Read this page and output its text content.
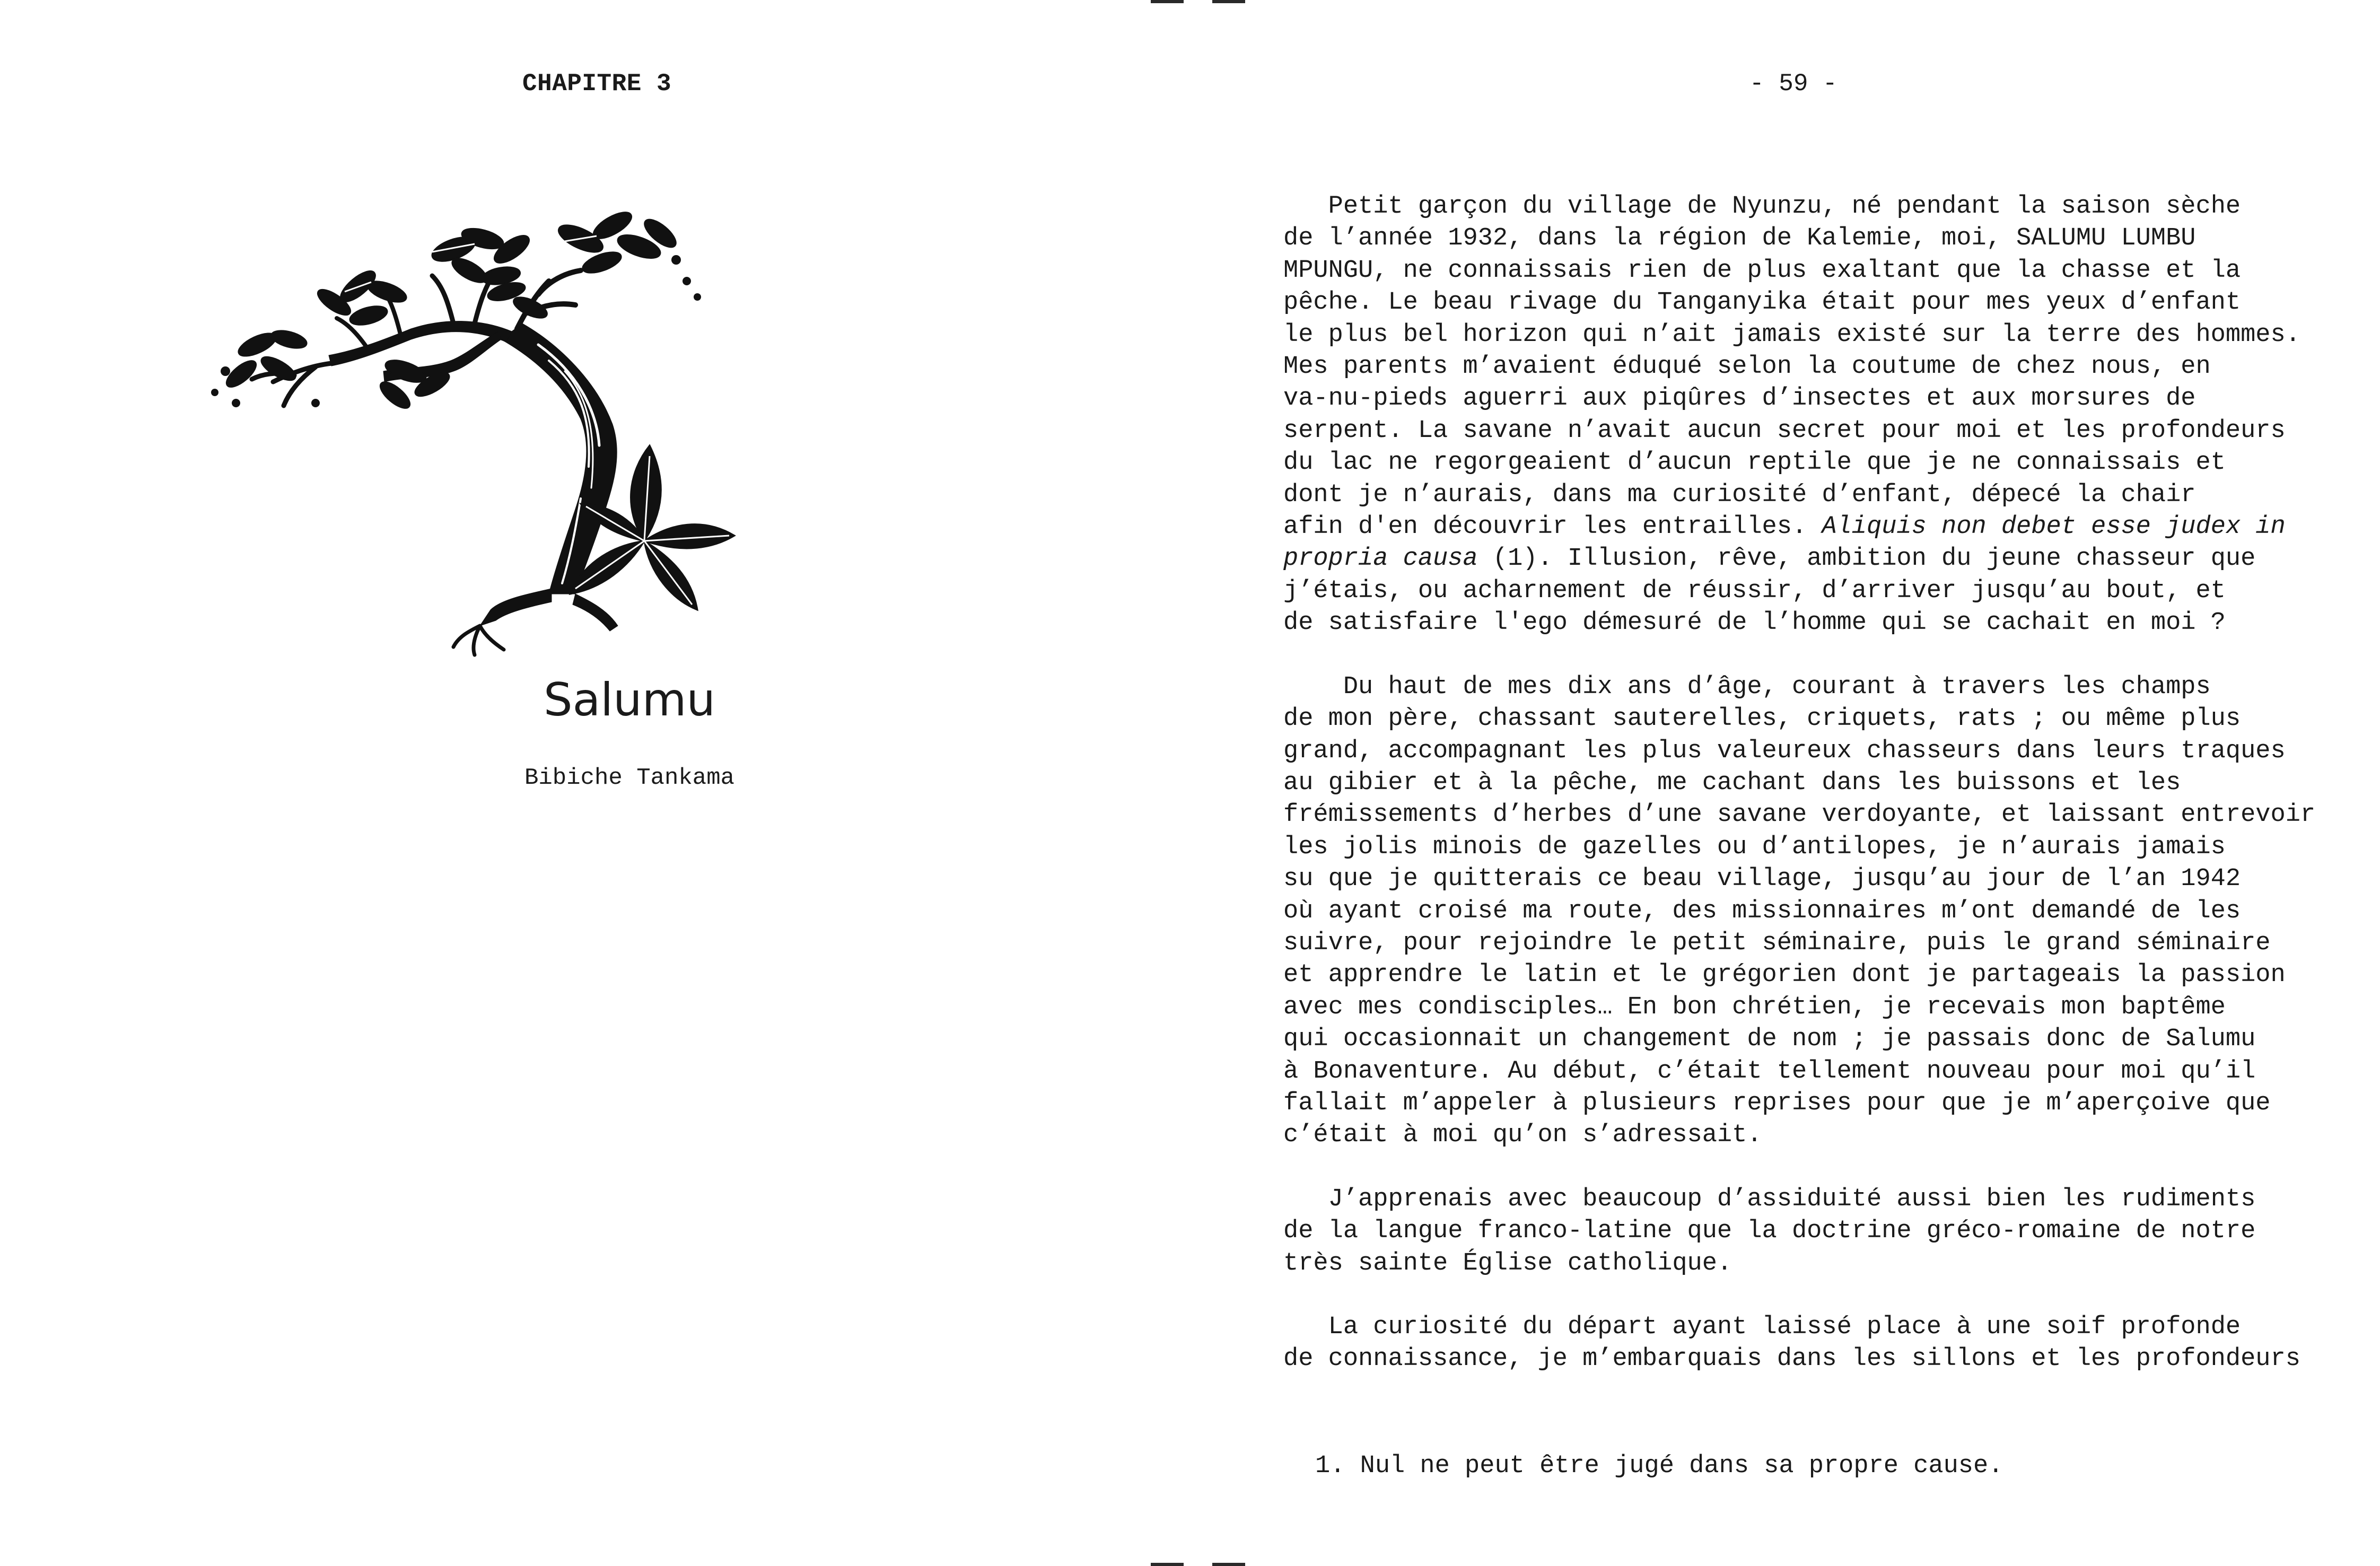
CHAPITRE 3
Salumu
Bibiche Tankama
- 59 -

Petit garçon du village de Nyunzu, né pendant la saison sèche
de l’année 1932, dans la région de Kalemie, moi, SALUMU LUMBU
MPUNGU, ne connaissais rien de plus exaltant que la chasse et la
pêche. Le beau rivage du Tanganyika était pour mes yeux d’enfant
le plus bel horizon qui n’ait jamais existé sur la terre des hommes.
Mes parents m’avaient éduqué selon la coutume de chez nous, en
va-nu-pieds aguerri aux piqûres d’insectes et aux morsures de
serpent. La savane n’avait aucun secret pour moi et les profondeurs
du lac ne regorgeaient d’aucun reptile que je ne connaissais et
dont je n’aurais, dans ma curiosité d’enfant, dépecé la chair
afin d'en découvrir les entrailles. Aliquis non debet esse judex in
propria causa (1). Illusion, rêve, ambition du jeune chasseur que
j’étais, ou acharnement de réussir, d’arriver jusqu’au bout, et
de satisfaire l'ego démesuré de l’homme qui se cachait en moi ?

Du haut de mes dix ans d’âge, courant à travers les champs
de mon père, chassant sauterelles, criquets, rats ; ou même plus
grand, accompagnant les plus valeureux chasseurs dans leurs traques
au gibier et à la pêche, me cachant dans les buissons et les
frémissements d’herbes d’une savane verdoyante, et laissant entrevoir
les jolis minois de gazelles ou d’antilopes, je n’aurais jamais
su que je quitterais ce beau village, jusqu’au jour de l’an 1942
où ayant croisé ma route, des missionnaires m’ont demandé de les
suivre, pour rejoindre le petit séminaire, puis le grand séminaire
et apprendre le latin et le grégorien dont je partageais la passion
avec mes condisciples… En bon chrétien, je recevais mon baptême
qui occasionnait un changement de nom ; je passais donc de Salumu
à Bonaventure. Au début, c’était tellement nouveau pour moi qu’il
fallait m’appeler à plusieurs reprises pour que je m’aperçoive que
c’était à moi qu’on s’adressait.

J’apprenais avec beaucoup d’assiduité aussi bien les rudiments
de la langue franco-latine que la doctrine gréco-romaine de notre
très sainte Église catholique.

La curiosité du départ ayant laissé place à une soif profonde
de connaissance, je m’embarquais dans les sillons et les profondeurs

1. Nul ne peut être jugé dans sa propre cause.
